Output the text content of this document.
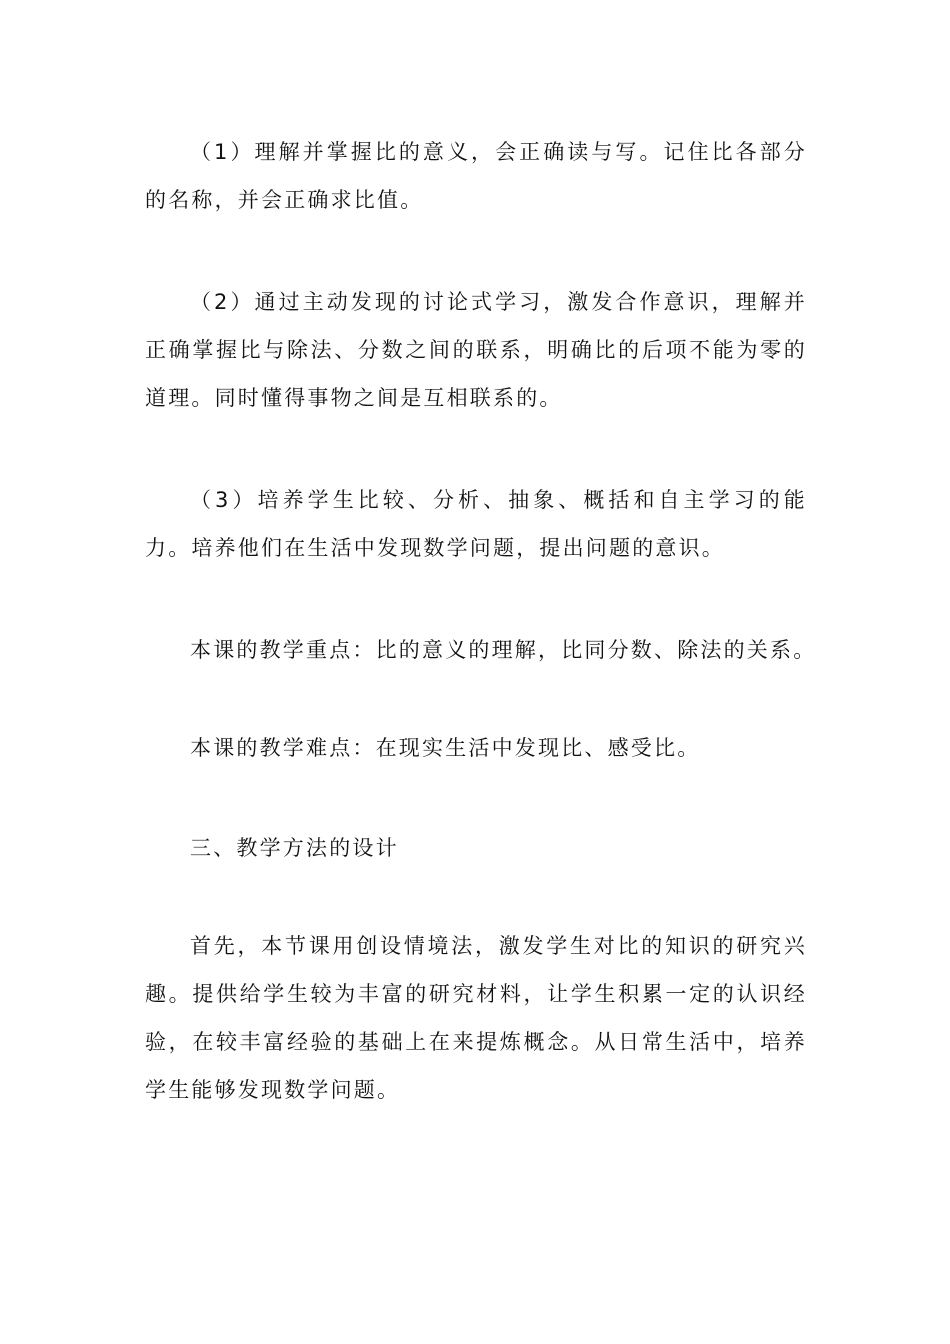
（1）理解并掌握比的意义，会正确读与写。记住比各部分的名称，并会正确求比值。

（2）通过主动发现的讨论式学习，激发合作意识，理解并正确掌握比与除法、分数之间的联系，明确比的后项不能为零的道理。同时懂得事物之间是互相联系的。

（3）培养学生比较、分析、抽象、概括和自主学习的能力。培养他们在生活中发现数学问题，提出问题的意识。

本课的教学重点：比的意义的理解，比同分数、除法的关系。

本课的教学难点：在现实生活中发现比、感受比。

三、教学方法的设计

首先，本节课用创设情境法，激发学生对比的知识的研究兴趣。提供给学生较为丰富的研究材料，让学生积累一定的认识经验，在较丰富经验的基础上在来提炼概念。从日常生活中，培养学生能够发现数学问题。
